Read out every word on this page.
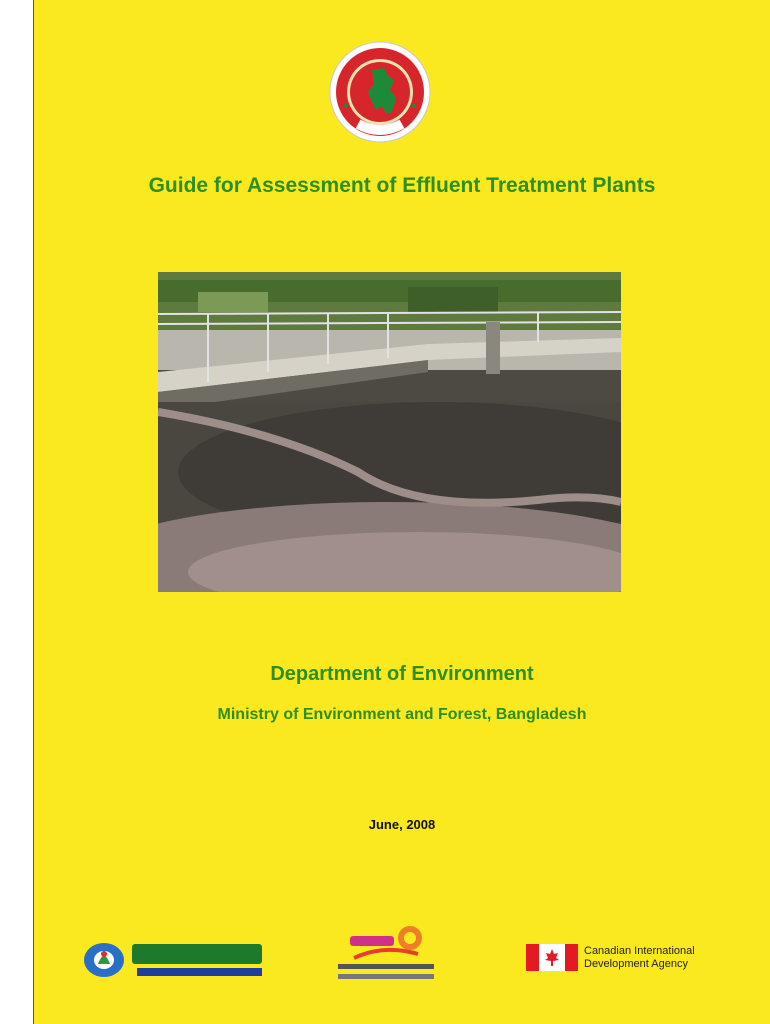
Guide for Assessment of Effluent Treatment Plants
Department of Environment
Ministry of Environment and Forest, Bangladesh
June, 2008
Canadian International
Development Agency
